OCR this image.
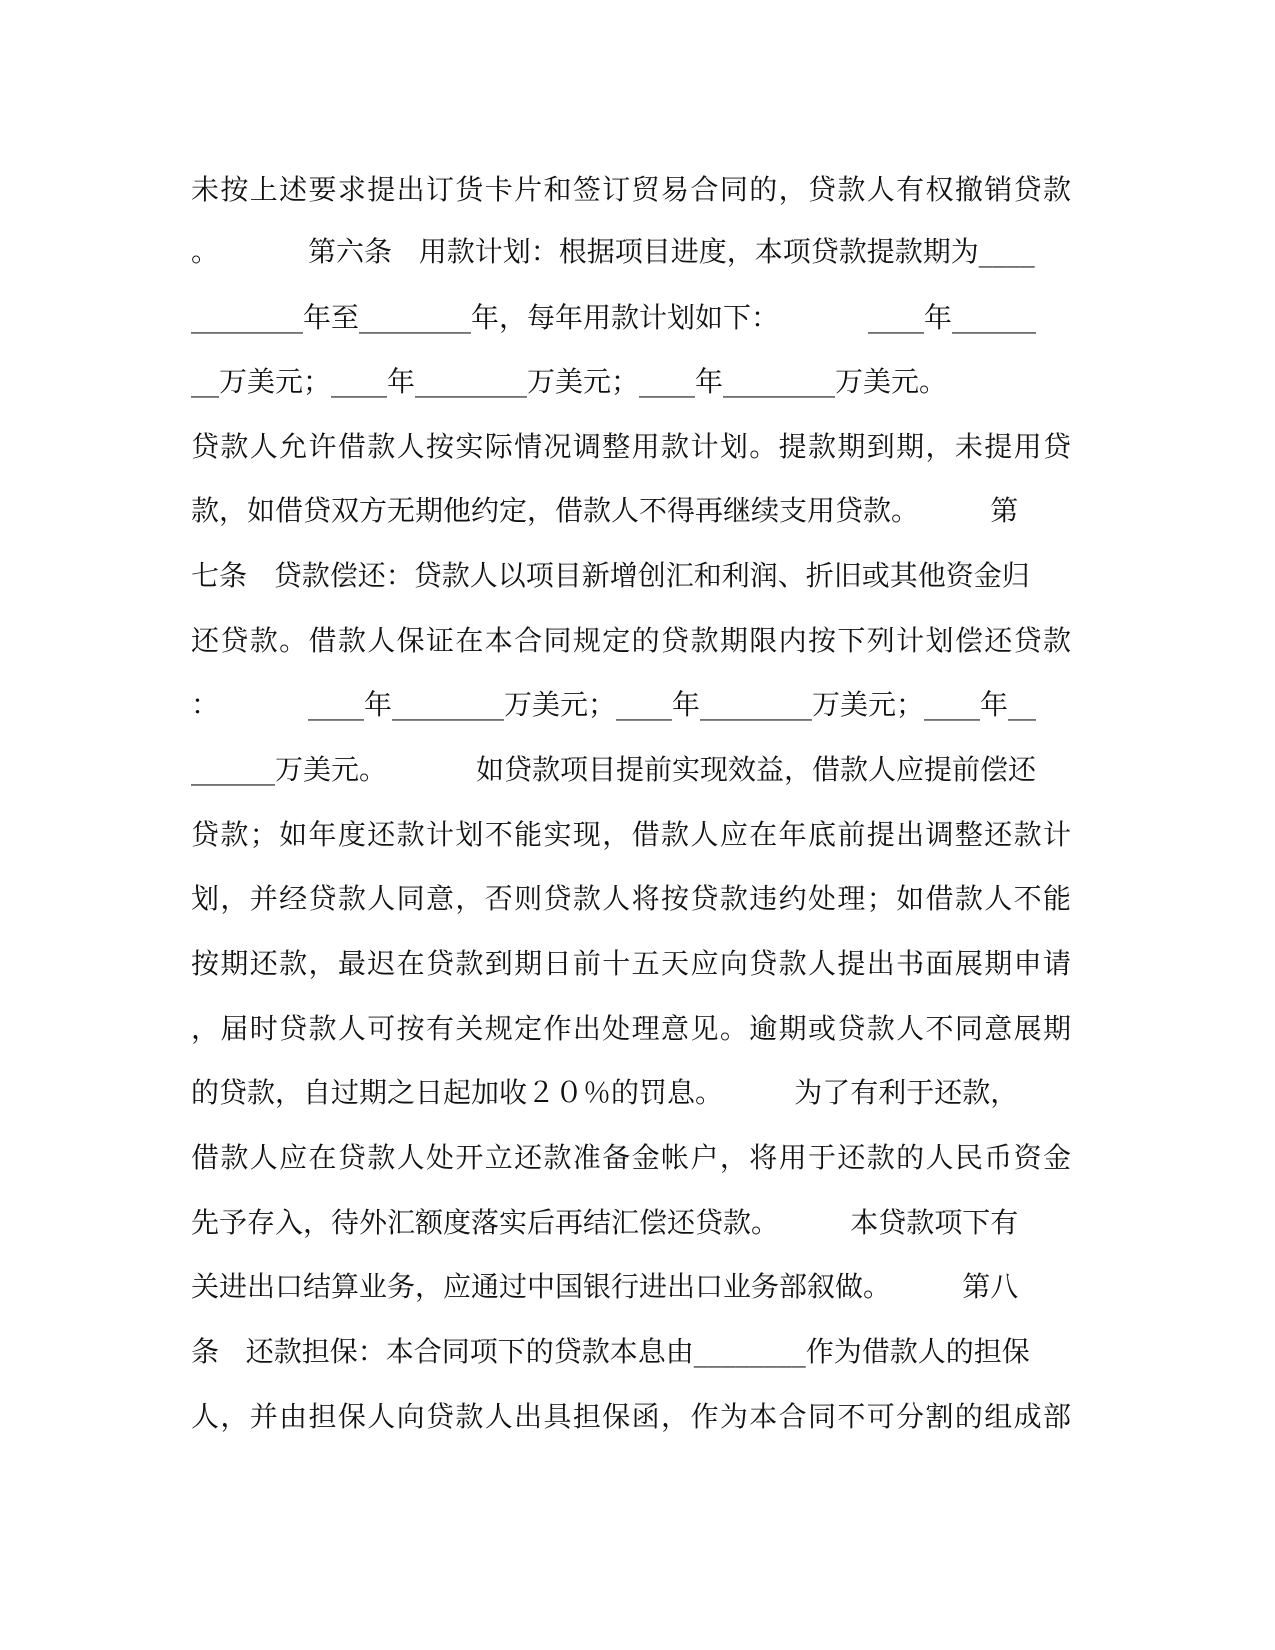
未按上述要求提出订货卡片和签订贸易合同的，贷款人有权撤销贷款
。          第六条   用款计划：根据项目进度，本项贷款提款期为____
________年至________年，每年用款计划如下：          ____年______
__万美元；____年________万美元；____年________万美元。
贷款人允许借款人按实际情况调整用款计划。提款期到期，未提用贷
款，如借贷双方无期他约定，借款人不得再继续支用贷款。        第
七条   贷款偿还：贷款人以项目新增创汇和利润、折旧或其他资金归
还贷款。借款人保证在本合同规定的贷款期限内按下列计划偿还贷款
：          ____年________万美元；____年________万美元；____年__
______万美元。          如贷款项目提前实现效益，借款人应提前偿还
贷款；如年度还款计划不能实现，借款人应在年底前提出调整还款计
划，并经贷款人同意，否则贷款人将按贷款违约处理；如借款人不能
按期还款，最迟在贷款到期日前十五天应向贷款人提出书面展期申请
，届时贷款人可按有关规定作出处理意见。逾期或贷款人不同意展期
的贷款，自过期之日起加收２０％的罚息。        为了有利于还款，
借款人应在贷款人处开立还款准备金帐户，将用于还款的人民币资金
先予存入，待外汇额度落实后再结汇偿还贷款。        本贷款项下有
关进出口结算业务，应通过中国银行进出口业务部叙做。        第八
条   还款担保：本合同项下的贷款本息由________作为借款人的担保
人，并由担保人向贷款人出具担保函，作为本合同不可分割的组成部
